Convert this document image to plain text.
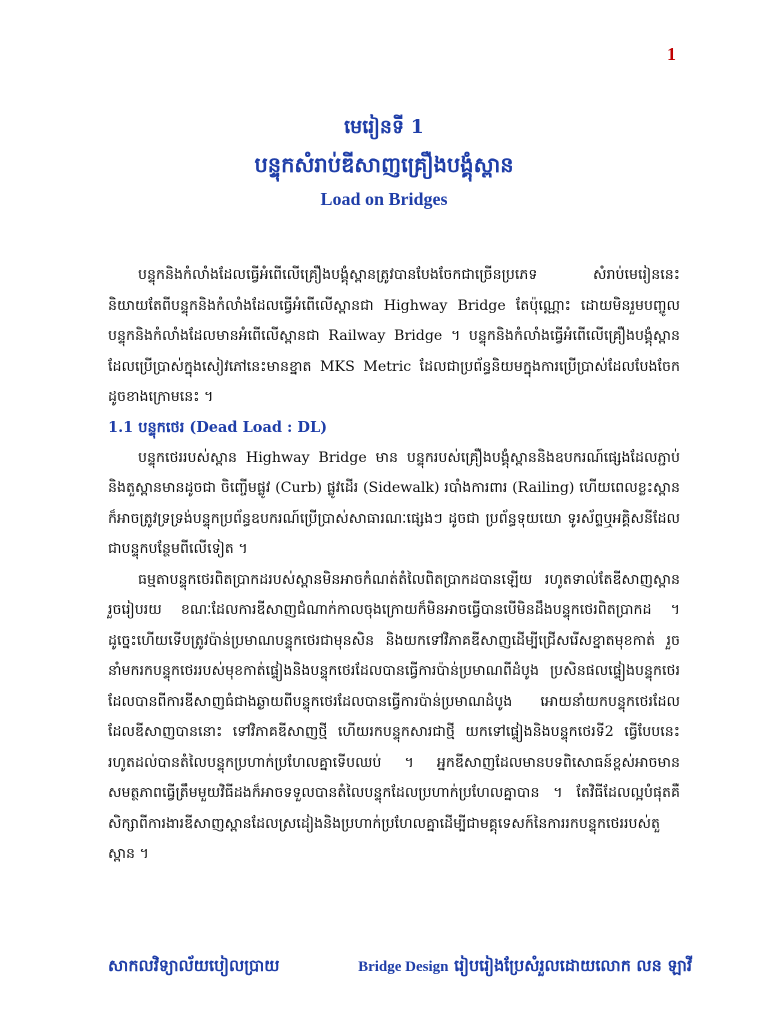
1
មេរៀនទី 1
បន្ទុកសំរាប់ឌីសាញគ្រឿងបង្គុំស្ពាន
Load on Bridges

បន្ទុកនិងកំលាំងដែលធ្វើអំពើលើគ្រឿងបង្គុំស្ពានត្រូវបានបែងចែកជាច្រើនប្រភេទ សំរាប់មេរៀននេះនិយាយតែពីបន្ទុកនិងកំលាំងដែលធ្វើអំពើលើស្ពានជា Highway Bridge តែប៉ុណ្ណោះ ដោយមិនរួមបញ្ចូលបន្ទុកនិងកំលាំងដែលមានអំពើលើស្ពានជា Railway Bridge ។ បន្ទុកនិងកំលាំងធ្វើអំពើលើគ្រឿងបង្គុំស្ពានដែលប្រើប្រាស់ក្នុងសៀវភៅនេះមានខ្នាត MKS Metric ដែលជាប្រព័ន្ធនិយមក្នុងការប្រើប្រាស់ដែលបែងចែកដូចខាងក្រោមនេះ ។

1.1 បន្ទុកថេរ (Dead Load : DL)

បន្ទុកថេររបស់ស្ពាន Highway Bridge មាន បន្ទុករបស់គ្រឿងបង្គុំស្ពាននិងឧបករណ៍ផ្សេងដែលភ្ជាប់និងតួស្ពានមានដូចជា ចិញ្ចើមផ្លូវ (Curb) ផ្លូវដើរ (Sidewalk) របាំងការពារ (Railing) ហើយពេលខ្លះស្ពានក៏អាចត្រូវទ្រទ្រង់បន្ទុកប្រព័ន្ធឧបករណ៍ប្រើប្រាស់សាធារណៈផ្សេងៗ ដូចជា ប្រព័ន្ធទុយយោ ទូរស័ព្ទឬអគ្គិសនីដែលជាបន្ទុកបន្ថែមពីលើទៀត ។

ធម្មតាបន្ទុកថេរពិតប្រាកដរបស់ស្ពានមិនអាចកំណត់តំលៃពិតប្រាកដបានឡើយ រហូតទាល់តែឌីសាញស្ពានរួចរៀបរយ ខណៈដែលការឌីសាញជំណាក់កាលចុងក្រោយក៏មិនអាចធ្វើបានបើមិនដឹងបន្ទុកថេរពិតប្រាកដ ។ ដូច្នេះហើយទើបត្រូវប៉ាន់ប្រមាណបន្ទុកថេរជាមុនសិន និងយកទៅវិភាគឌីសាញដើម្បីជ្រើសរើសខ្នាតមុខកាត់ រួចនាំមករកបន្ទុកថេររបស់មុខកាត់ផ្ទៀងនិងបន្ទុកថេរដែលបានធ្វើការប៉ាន់ប្រមាណពីដំបូង ប្រសិនផលផ្ទៀងបន្ទុកថេរដែលបានពីការឌីសាញធំជាងឆ្ងាយពីបន្ទុកថេរដែលបានធ្វើការប៉ាន់ប្រមាណដំបូង អោយនាំយកបន្ទុកថេរដែលដែលឌីសាញបាននោះ ទៅវិភាគឌីសាញថ្មី ហើយរកបន្ទុកសារជាថ្មី យកទៅផ្ទៀងនិងបន្ទុកថេរទី2 ធ្វើបែបនេះរហូតដល់បានតំលៃបន្ទុកប្រហាក់ប្រហែលគ្នាទើបឈប់ ។ អ្នកឌីសាញដែលមានបទពិសោធន៍ខ្ពស់អាចមានសមត្ថភាពធ្វើត្រឹមមួយវិធីដងក៏អាចទទួលបានតំលៃបន្ទុកដែលប្រហាក់ប្រហែលគ្នាបាន ។ តែវិធីដែលល្អបំផុតគឺសិក្សាពីការងារឌីសាញស្ពានដែលស្រដៀងនិងប្រហាក់ប្រហែលគ្នាដើម្បីជាមគ្គុទេសក៍នៃការរកបន្ទុកថេររបស់តួស្ពាន ។

សាកលវិទ្យាល័យបៀលប្រាយ	Bridge Design រៀបរៀងប្រែសំរួលដោយលោក លន ឡាវី
